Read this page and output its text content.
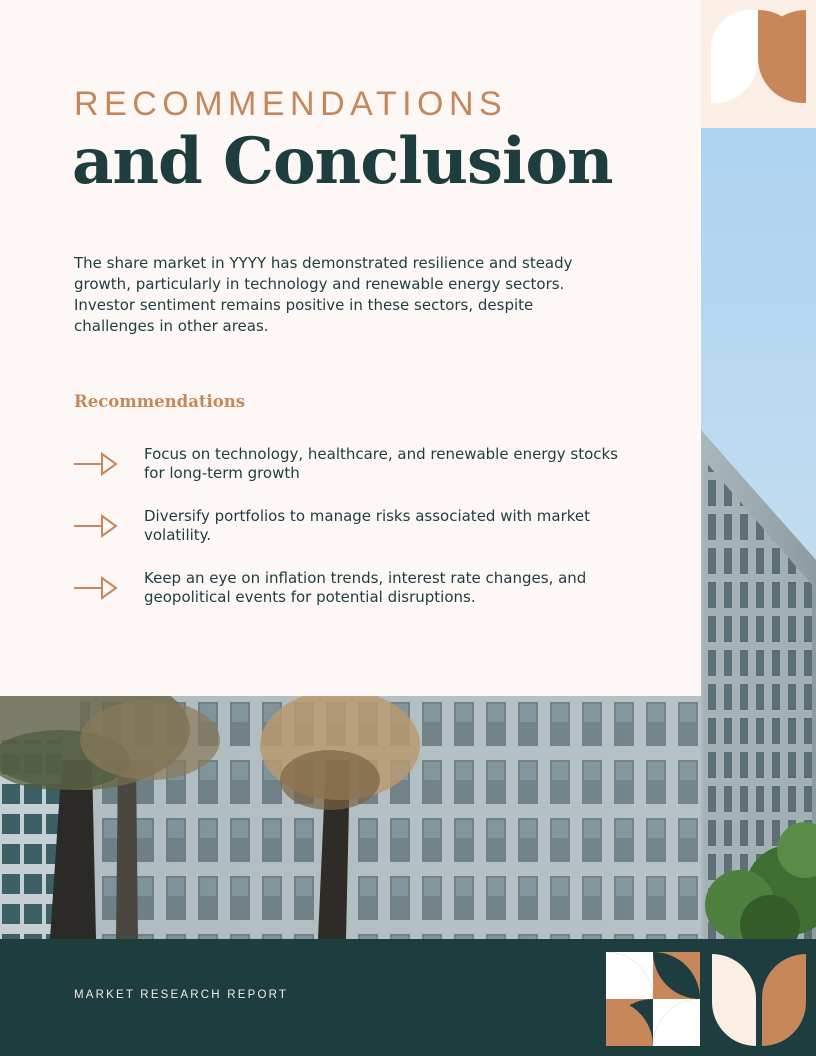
RECOMMENDATIONS
and Conclusion

The share market in YYYY has demonstrated resilience and steady growth, particularly in technology and renewable energy sectors. Investor sentiment remains positive in these sectors, despite challenges in other areas.

Recommendations
Focus on technology, healthcare, and renewable energy stocks for long-term growth
Diversify portfolios to manage risks associated with market volatility.
Keep an eye on inflation trends, interest rate changes, and geopolitical events for potential disruptions.
MARKET RESEARCH REPORT
